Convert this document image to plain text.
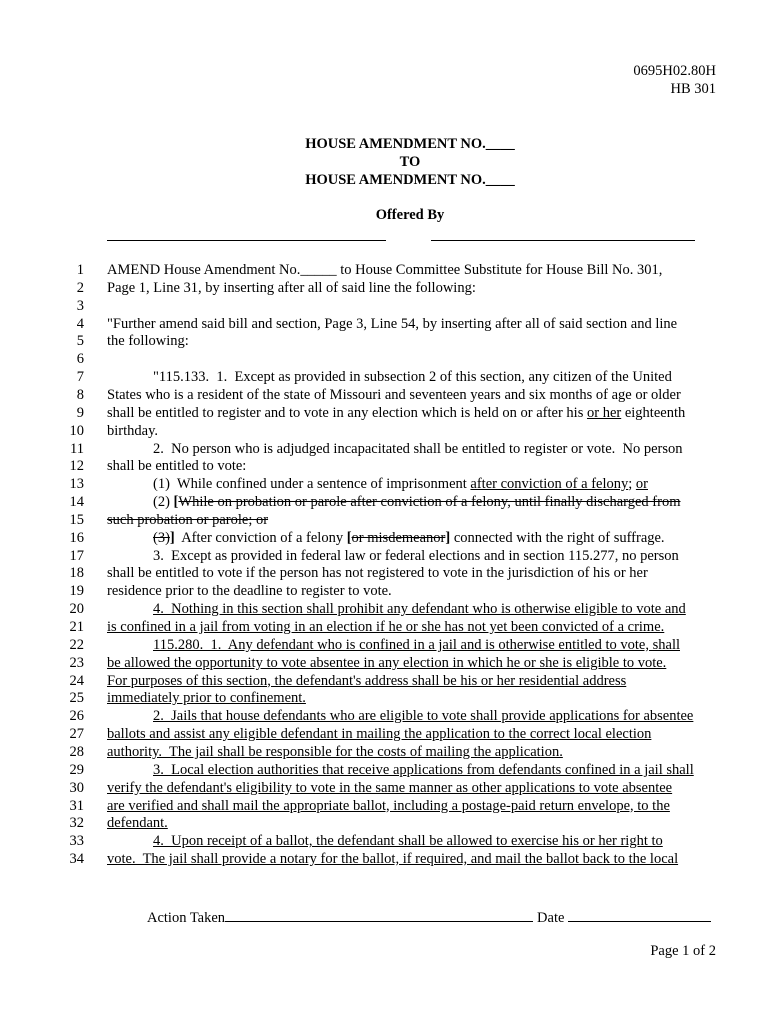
0695H02.80H
HB 301
HOUSE AMENDMENT NO.____
TO
HOUSE AMENDMENT NO.____
Offered By
1 AMEND House Amendment No._____ to House Committee Substitute for House Bill No. 301,
2 Page 1, Line 31, by inserting after all of said line the following:
3
4 "Further amend said bill and section, Page 3, Line 54, by inserting after all of said section and line
5 the following:
6
7	"115.133.  1.  Except as provided in subsection 2 of this section, any citizen of the United
8 States who is a resident of the state of Missouri and seventeen years and six months of age or older
9 shall be entitled to register and to vote in any election which is held on or after his or her eighteenth
10 birthday.
11	2.  No person who is adjudged incapacitated shall be entitled to register or vote.  No person
12 shall be entitled to vote:
13	(1)  While confined under a sentence of imprisonment after conviction of a felony; or
14	(2) [While on probation or parole after conviction of a felony, until finally discharged from
15 such probation or parole; or
16	(3)]  After conviction of a felony [or misdemeanor] connected with the right of suffrage.
17	3.  Except as provided in federal law or federal elections and in section 115.277, no person
18 shall be entitled to vote if the person has not registered to vote in the jurisdiction of his or her
19 residence prior to the deadline to register to vote.
20	4.  Nothing in this section shall prohibit any defendant who is otherwise eligible to vote and
21 is confined in a jail from voting in an election if he or she has not yet been convicted of a crime.
22	115.280.  1.  Any defendant who is confined in a jail and is otherwise entitled to vote, shall
23 be allowed the opportunity to vote absentee in any election in which he or she is eligible to vote.
24 For purposes of this section, the defendant's address shall be his or her residential address
25 immediately prior to confinement.
26	2.  Jails that house defendants who are eligible to vote shall provide applications for absentee
27 ballots and assist any eligible defendant in mailing the application to the correct local election
28 authority.  The jail shall be responsible for the costs of mailing the application.
29	3.  Local election authorities that receive applications from defendants confined in a jail shall
30 verify the defendant's eligibility to vote in the same manner as other applications to vote absentee
31 are verified and shall mail the appropriate ballot, including a postage-paid return envelope, to the
32 defendant.
33	4.  Upon receipt of a ballot, the defendant shall be allowed to exercise his or her right to
34 vote.  The jail shall provide a notary for the ballot, if required, and mail the ballot back to the local
Action Taken	Date
Page 1 of 2
